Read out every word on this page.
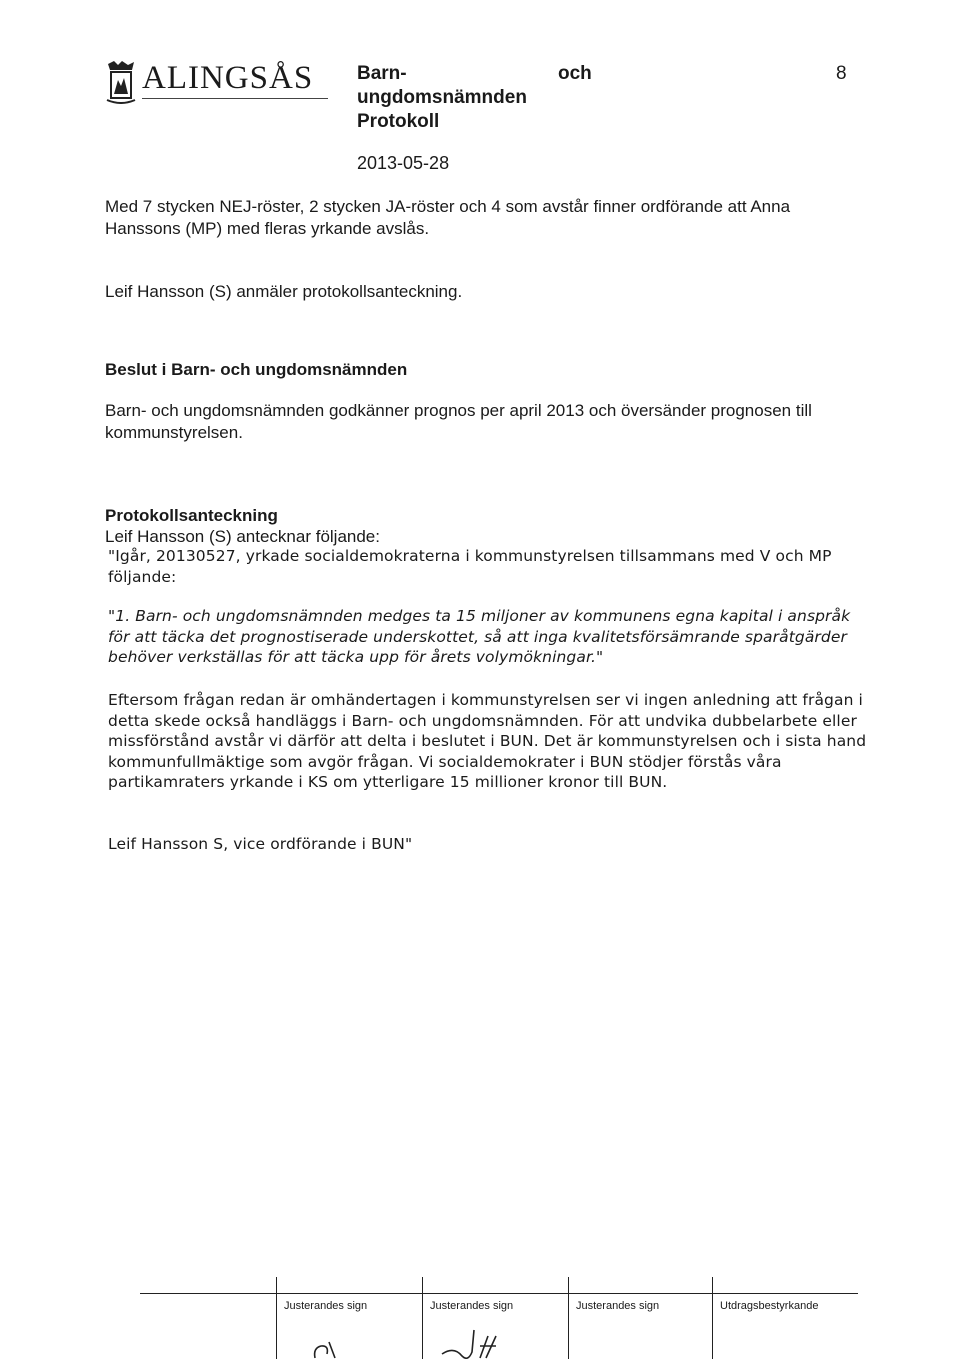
ALINGSÅS Barn-
ungdomsnämnden
Protokoll
och	8
2013-05-28
Med 7 stycken NEJ-röster, 2 stycken JA-röster och 4 som avstår finner ordförande att Anna Hanssons (MP) med fleras yrkande avslås.
Leif Hansson (S) anmäler protokollsanteckning.
Beslut i Barn- och ungdomsnämnden
Barn- och ungdomsnämnden godkänner prognos per april 2013 och översänder prognosen till kommunstyrelsen.
Protokollsanteckning
Leif Hansson (S) antecknar följande:
"Igår, 20130527, yrkade socialdemokraterna i kommunstyrelsen tillsammans med V och MP följande:
"1. Barn- och ungdomsnämnden medges ta 15 miljoner av kommunens egna kapital i anspråk för att täcka det prognostiserade underskottet, så att inga kvalitetsförsämrande sparåtgärder behöver verkställas för att täcka upp för årets volymökningar."
Eftersom frågan redan är omhändertagen i kommunstyrelsen ser vi ingen anledning att frågan i detta skede också handläggs i Barn- och ungdomsnämnden. För att undvika dubbelarbete eller missförstånd avstår vi därför att delta i beslutet i BUN. Det är kommunstyrelsen och i sista hand kommunfullmäktige som avgör frågan. Vi socialdemokrater i BUN stödjer förstås våra partikamraters yrkande i KS om ytterligare 15 millioner kronor till BUN.
Leif Hansson S, vice ordförande i BUN"
Justerandes sign	Justerandes sign	Justerandes sign	Utdragsbestyrkande
